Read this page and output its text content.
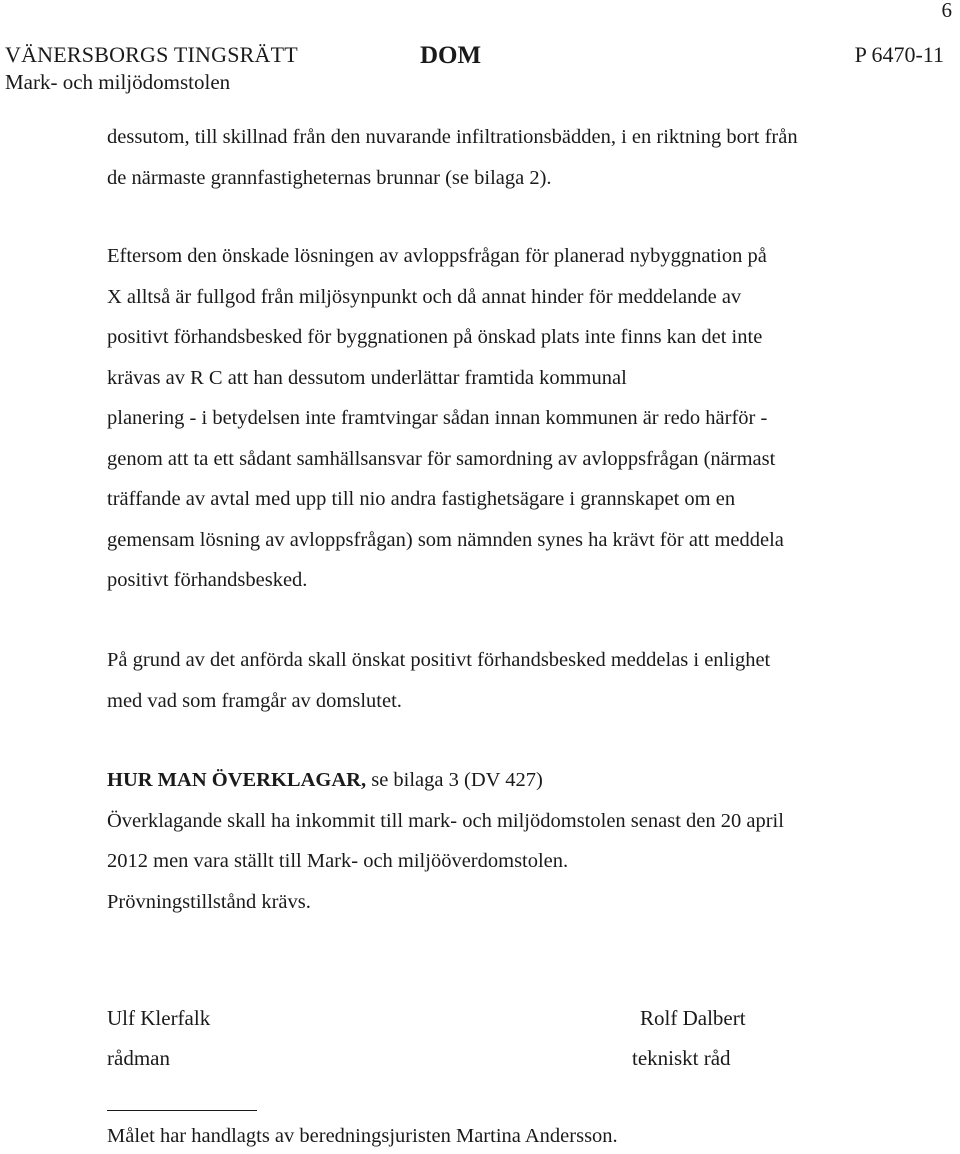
6
VÄNERSBORGS TINGSRÄTT
Mark- och miljödomstolen
DOM	P 6470-11
dessutom, till skillnad från den nuvarande infiltrationsbädden, i en riktning bort från
de närmaste grannfastigheternas brunnar (se bilaga 2).
Eftersom den önskade lösningen av avloppsfrågan för planerad nybyggnation på
X alltså är fullgod från miljösynpunkt och då annat hinder för meddelande av
positivt förhandsbesked för byggnationen på önskad plats inte finns kan det inte
krävas av R C att han dessutom underlättar framtida kommunal
planering - i betydelsen inte framtvingar sådan innan kommunen är redo härför -
genom att ta ett sådant samhällsansvar för samordning av avloppsfrågan (närmast
träffande av avtal med upp till nio andra fastighetsägare i grannskapet om en
gemensam lösning av avloppsfrågan) som nämnden synes ha krävt för att meddela
positivt förhandsbesked.
På grund av det anförda skall önskat positivt förhandsbesked meddelas i enlighet
med vad som framgår av domslutet.
HUR MAN ÖVERKLAGAR, se bilaga 3 (DV 427)
Överklagande skall ha inkommit till mark- och miljödomstolen senast den 20 april
2012 men vara ställt till Mark- och miljööverdomstolen.
Prövningstillstånd krävs.
Ulf Klerfalk
rådman
Rolf Dalbert
tekniskt råd
Målet har handlagts av beredningsjuristen Martina Andersson.
